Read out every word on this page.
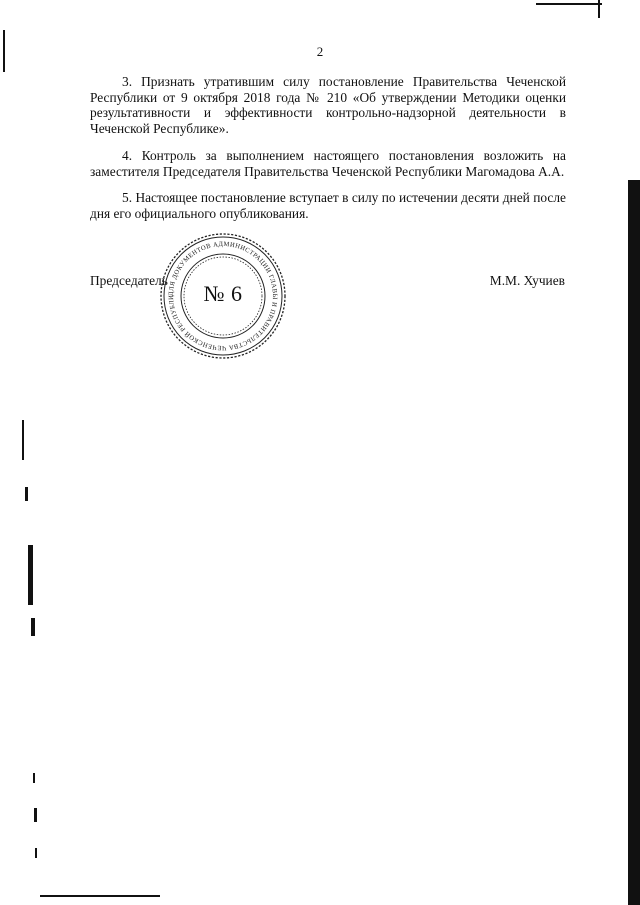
2

3. Признать утратившим силу постановление Правительства Чеченской Республики от 9 октября 2018 года № 210 «Об утверждении Методики оценки результативности и эффективности контрольно-надзорной деятельности в Чеченской Республике».

4. Контроль за выполнением настоящего постановления возложить на заместителя Председателя Правительства Чеченской Республики Магомадова А.А.

5. Настоящее постановление вступает в силу по истечении десяти дней после дня его официального опубликования.

Председатель	М.М. Хучиев
ДЛЯ ДОКУМЕНТОВ АДМИНИСТРАЦИИ ГЛАВЫ И ПРАВИТЕЛЬСТВА ЧЕЧЕНСКОЙ РЕСПУБЛИ	№ 6
